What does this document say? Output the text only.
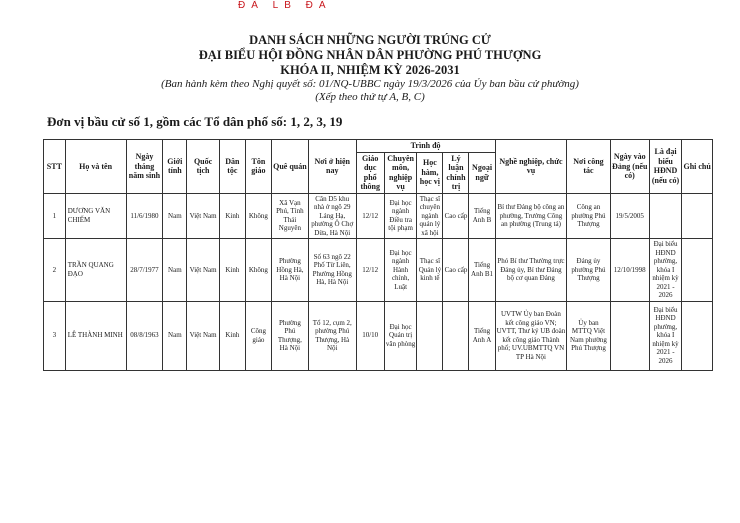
ĐÃ LB ĐÃ
DANH SÁCH NHỮNG NGƯỜI TRÚNG CỬ
ĐẠI BIỂU HỘI ĐỒNG NHÂN DÂN PHƯỜNG PHÚ THƯỢNG
KHÓA II, NHIỆM KỲ 2026-2031
(Ban hành kèm theo Nghị quyết số: 01/NQ-UBBC ngày 19/3/2026 của Ủy ban bầu cử phường)
(Xếp theo thứ tự A, B, C)
Đơn vị bầu cử số 1, gồm các Tổ dân phố số: 1, 2, 3, 19
STT	Họ và tên	Ngày tháng năm sinh	Giới tính	Quốc tịch	Dân tộc	Tôn giáo	Quê quán	Nơi ở hiện nay	Trình độ					Nghề nghiệp, chức vụ	Nơi công tác	Ngày vào Đảng (nếu có)	Là đại biểu HĐND (nếu có)	Ghi chú
									Giáo dục phổ thông	Chuyên môn, nghiệp vụ	Học hàm, học vị	Lý luận chính trị	Ngoại ngữ					
1	DƯƠNG VĂN CHIẾM	11/6/1980	Nam	Việt Nam	Kinh	Không	Xã Vạn Phú, Tỉnh Thái Nguyên	Căn D5 khu nhà ở ngõ 29 Láng Hạ, phường Ô Chợ Dừa, Hà Nội	12/12	Đại học ngành Điều tra tội phạm	Thạc sĩ chuyên ngành quản lý xã hội	Cao cấp	Tiếng Anh B	Bí thư Đảng bộ công an phường, Trưởng Công an phường (Trung tá)	Công an phường Phú Thượng	19/5/2005		
2	TRẦN QUANG ĐẠO	28/7/1977	Nam	Việt Nam	Kinh	Không	Phường Hồng Hà, Hà Nội	Số 63 ngõ 22 Phố Từ Liên, Phường Hồng Hà, Hà Nội	12/12	Đại học ngành Hành chính, Luật	Thạc sĩ Quản lý kinh tế	Cao cấp	Tiếng Anh B1	Phó Bí thư Thường trực Đảng ủy, Bí thư Đảng bộ cơ quan Đảng	Đảng ủy phường Phú Thượng	12/10/1998	Đại biểu HĐND phường, khóa I nhiệm kỳ 2021 - 2026	
3	LÊ THÀNH MINH	08/8/1963	Nam	Việt Nam	Kinh	Công giáo	Phường Phú Thượng, Hà Nội	Tổ 12, cụm 2, phường Phú Thượng, Hà Nội	10/10	Đại học Quản trị văn phòng			Tiếng Anh A	UVTW Ủy ban Đoàn kết công giáo VN; UVTT, Thư ký UB đoàn kết công giáo Thành phố; UV.UBMTTQ VN TP Hà Nội	Ủy ban MTTQ Việt Nam phường Phú Thượng		Đại biểu HĐND phường, khóa I nhiệm kỳ 2021 - 2026	
